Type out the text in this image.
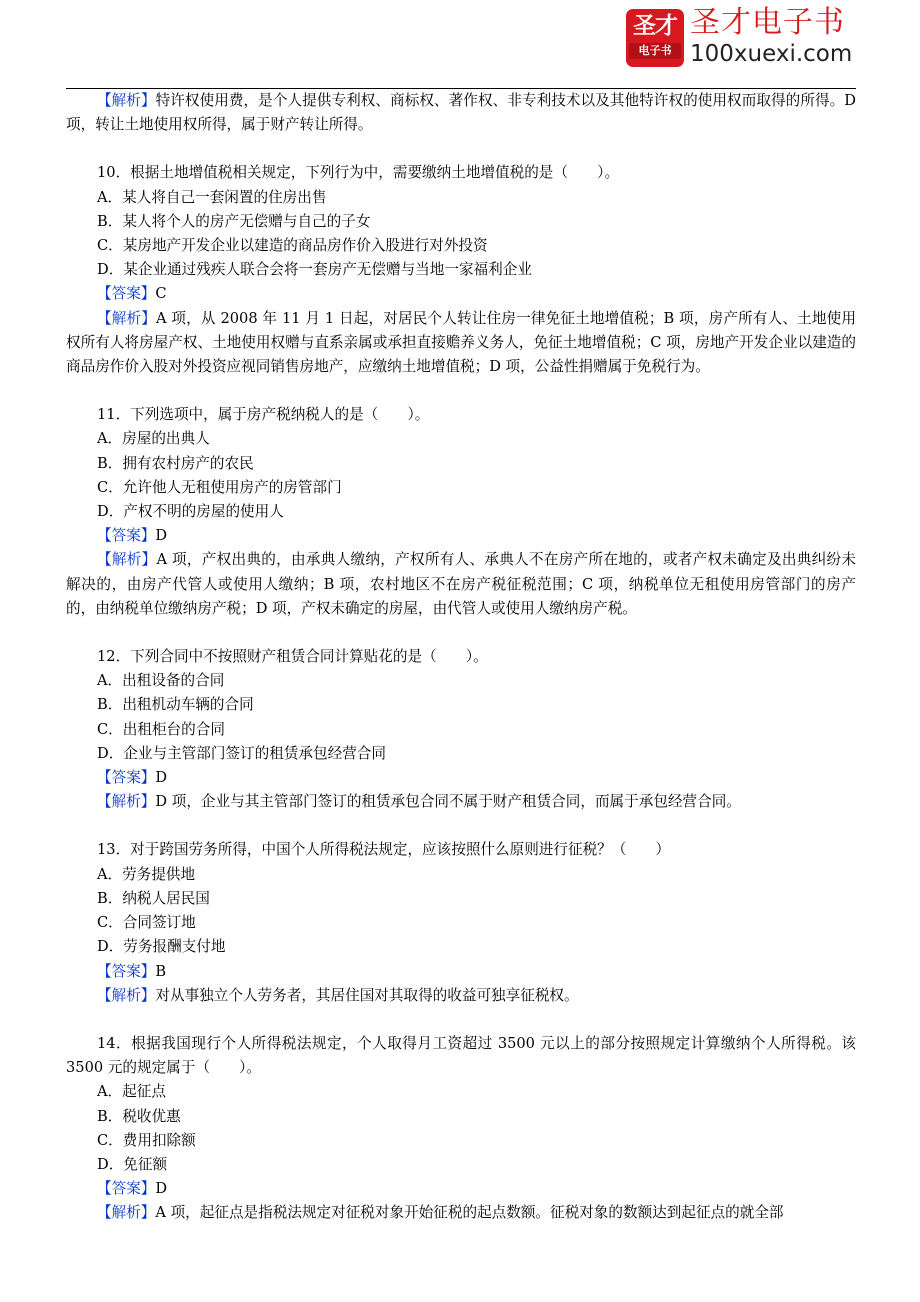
圣才
电子书
圣才电子书
100xuexi.com

【解析】特许权使用费，是个人提供专利权、商标权、著作权、非专利技术以及其他特许权的使用权而取得的所得。D 项，转让土地使用权所得，属于财产转让所得。

10．根据土地增值税相关规定，下列行为中，需要缴纳土地增值税的是（　　）。

A．某人将自己一套闲置的住房出售

B．某人将个人的房产无偿赠与自己的子女

C．某房地产开发企业以建造的商品房作价入股进行对外投资

D．某企业通过残疾人联合会将一套房产无偿赠与当地一家福利企业

【答案】C

【解析】A 项，从 2008 年 11 月 1 日起，对居民个人转让住房一律免征土地增值税；B 项，房产所有人、土地使用权所有人将房屋产权、土地使用权赠与直系亲属或承担直接赡养义务人，免征土地增值税；C 项，房地产开发企业以建造的商品房作价入股对外投资应视同销售房地产，应缴纳土地增值税；D 项，公益性捐赠属于免税行为。

11．下列选项中，属于房产税纳税人的是（　　）。

A．房屋的出典人

B．拥有农村房产的农民

C．允许他人无租使用房产的房管部门

D．产权不明的房屋的使用人

【答案】D

【解析】A 项，产权出典的，由承典人缴纳，产权所有人、承典人不在房产所在地的，或者产权未确定及出典纠纷未解决的，由房产代管人或使用人缴纳；B 项，农村地区不在房产税征税范围；C 项，纳税单位无租使用房管部门的房产的，由纳税单位缴纳房产税；D 项，产权未确定的房屋，由代管人或使用人缴纳房产税。

12．下列合同中不按照财产租赁合同计算贴花的是（　　）。

A．出租设备的合同

B．出租机动车辆的合同

C．出租柜台的合同

D．企业与主管部门签订的租赁承包经营合同

【答案】D

【解析】D 项，企业与其主管部门签订的租赁承包合同不属于财产租赁合同，而属于承包经营合同。

13．对于跨国劳务所得，中国个人所得税法规定，应该按照什么原则进行征税？（　　）

A．劳务提供地

B．纳税人居民国

C．合同签订地

D．劳务报酬支付地

【答案】B

【解析】对从事独立个人劳务者，其居住国对其取得的收益可独享征税权。

14．根据我国现行个人所得税法规定，个人取得月工资超过 3500 元以上的部分按照规定计算缴纳个人所得税。该 3500 元的规定属于（　　）。

A．起征点

B．税收优惠

C．费用扣除额

D．免征额

【答案】D

【解析】A 项，起征点是指税法规定对征税对象开始征税的起点数额。征税对象的数额达到起征点的就全部
